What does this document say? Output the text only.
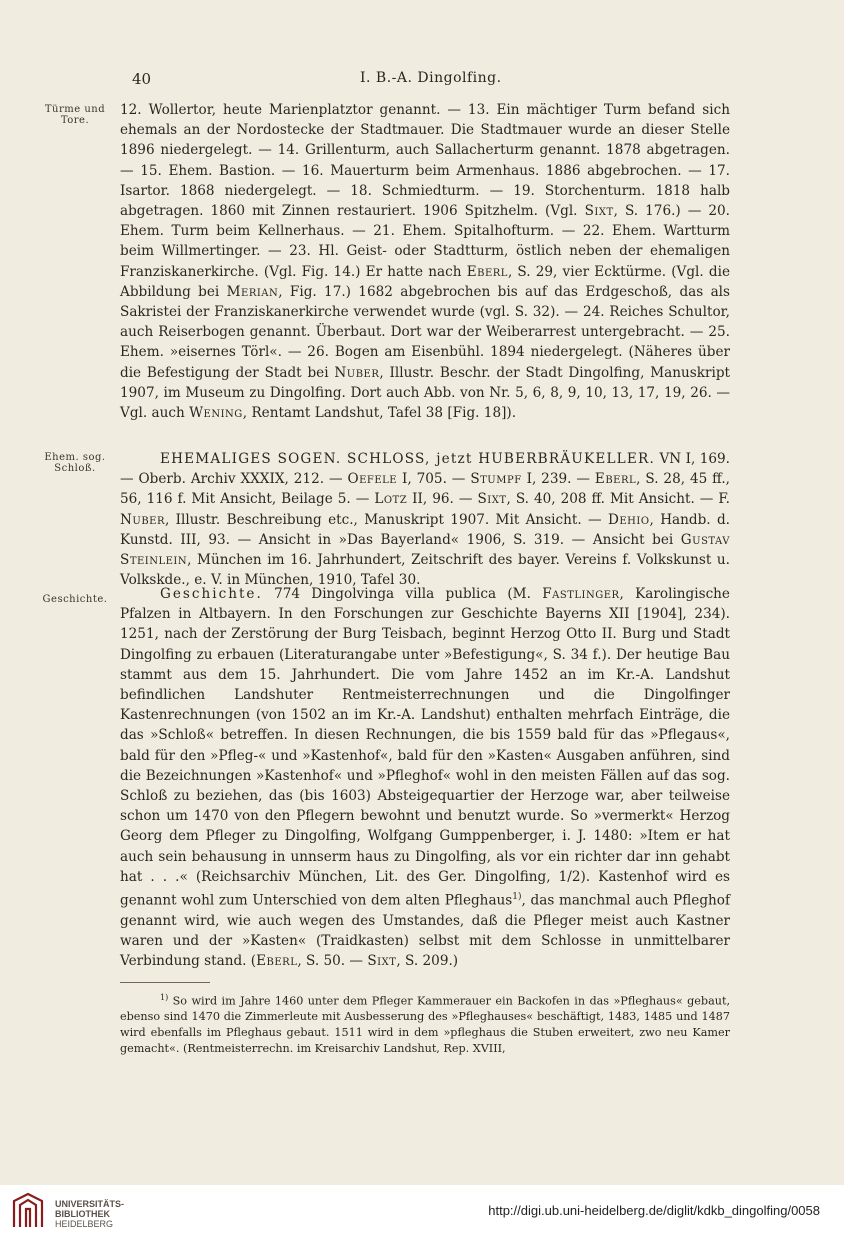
40	I. B.-A. Dingolfing.
Türme und Tore.
Ehem. sog. Schloß.
Geschichte.

12. Wollertor, heute Marienplatztor genannt. — 13. Ein mächtiger Turm befand sich ehemals an der Nordostecke der Stadtmauer. Die Stadtmauer wurde an dieser Stelle 1896 niedergelegt. — 14. Grillenturm, auch Sallacherturm genannt. 1878 abgetragen. — 15. Ehem. Bastion. — 16. Mauerturm beim Armenhaus. 1886 abgebrochen. — 17. Isartor. 1868 niedergelegt. — 18. Schmiedturm. — 19. Storchenturm. 1818 halb abgetragen. 1860 mit Zinnen restauriert. 1906 Spitzhelm. (Vgl. Sixt, S. 176.) — 20. Ehem. Turm beim Kellnerhaus. — 21. Ehem. Spitalhofturm. — 22. Ehem. Wartturm beim Willmertinger. — 23. Hl. Geist- oder Stadtturm, östlich neben der ehemaligen Franziskanerkirche. (Vgl. Fig. 14.) Er hatte nach Eberl, S. 29, vier Ecktürme. (Vgl. die Abbildung bei Merian, Fig. 17.) 1682 abgebrochen bis auf das Erdgeschoß, das als Sakristei der Franziskanerkirche verwendet wurde (vgl. S. 32). — 24. Reiches Schultor, auch Reiserbogen genannt. Überbaut. Dort war der Weiberarrest untergebracht. — 25. Ehem. »eisernes Törl«. — 26. Bogen am Eisenbühl. 1894 niedergelegt. (Näheres über die Befestigung der Stadt bei Nuber, Illustr. Beschr. der Stadt Dingolfing, Manuskript 1907, im Museum zu Dingolfing. Dort auch Abb. von Nr. 5, 6, 8, 9, 10, 13, 17, 19, 26. — Vgl. auch Wening, Rentamt Landshut, Tafel 38 [Fig. 18]).

EHEMALIGES SOGEN. SCHLOSS, jetzt HUBERBRÄUKELLER. VN I, 169. — Oberb. Archiv XXXIX, 212. — Oefele I, 705. — Stumpf I, 239. — Eberl, S. 28, 45 ff., 56, 116 f. Mit Ansicht, Beilage 5. — Lotz II, 96. — Sixt, S. 40, 208 ff. Mit Ansicht. — F. Nuber, Illustr. Beschreibung etc., Manuskript 1907. Mit Ansicht. — Dehio, Handb. d. Kunstd. III, 93. — Ansicht in »Das Bayerland« 1906, S. 319. — Ansicht bei Gustav Steinlein, München im 16. Jahrhundert, Zeitschrift des bayer. Vereins f. Volkskunst u. Volkskde., e. V. in München, 1910, Tafel 30.

Geschichte. 774 Dingolvinga villa publica (M. Fastlinger, Karolingische Pfalzen in Altbayern. In den Forschungen zur Geschichte Bayerns XII [1904], 234). 1251, nach der Zerstörung der Burg Teisbach, beginnt Herzog Otto II. Burg und Stadt Dingolfing zu erbauen (Literaturangabe unter »Befestigung«, S. 34 f.). Der heutige Bau stammt aus dem 15. Jahrhundert. Die vom Jahre 1452 an im Kr.-A. Landshut befindlichen Landshuter Rentmeisterrechnungen und die Dingolfinger Kastenrechnungen (von 1502 an im Kr.-A. Landshut) enthalten mehrfach Einträge, die das »Schloß« betreffen. In diesen Rechnungen, die bis 1559 bald für das »Pflegaus«, bald für den »Pfleg-« und »Kastenhof«, bald für den »Kasten« Ausgaben anführen, sind die Bezeichnungen »Kastenhof« und »Pfleghof« wohl in den meisten Fällen auf das sog. Schloß zu beziehen, das (bis 1603) Absteigequartier der Herzoge war, aber teilweise schon um 1470 von den Pflegern bewohnt und benutzt wurde. So »vermerkt« Herzog Georg dem Pfleger zu Dingolfing, Wolfgang Gumppenberger, i. J. 1480: »Item er hat auch sein behausung in unnserm haus zu Dingolfing, als vor ein richter dar inn gehabt hat . . .« (Reichsarchiv München, Lit. des Ger. Dingolfing, 1/2). Kastenhof wird es genannt wohl zum Unterschied von dem alten Pfleghaus$^{1)}$, das manchmal auch Pfleghof genannt wird, wie auch wegen des Umstandes, daß die Pfleger meist auch Kastner waren und der »Kasten« (Traidkasten) selbst mit dem Schlosse in unmittelbarer Verbindung stand. (Eberl, S. 50. — Sixt, S. 209.)

$^{1)}$ So wird im Jahre 1460 unter dem Pfleger Kammerauer ein Backofen in das »Pfleghaus« gebaut, ebenso sind 1470 die Zimmerleute mit Ausbesserung des »Pfleghauses« beschäftigt, 1483, 1485 und 1487 wird ebenfalls im Pfleghaus gebaut. 1511 wird in dem »pfleghaus die Stuben erweitert, zwo neu Kamer gemacht«. (Rentmeisterrechn. im Kreisarchiv Landshut, Rep. XVIII,
UNIVERSITÄTS-
BIBLIOTHEK
HEIDELBERG
http://digi.ub.uni-heidelberg.de/diglit/kdkb_dingolfing/0058
